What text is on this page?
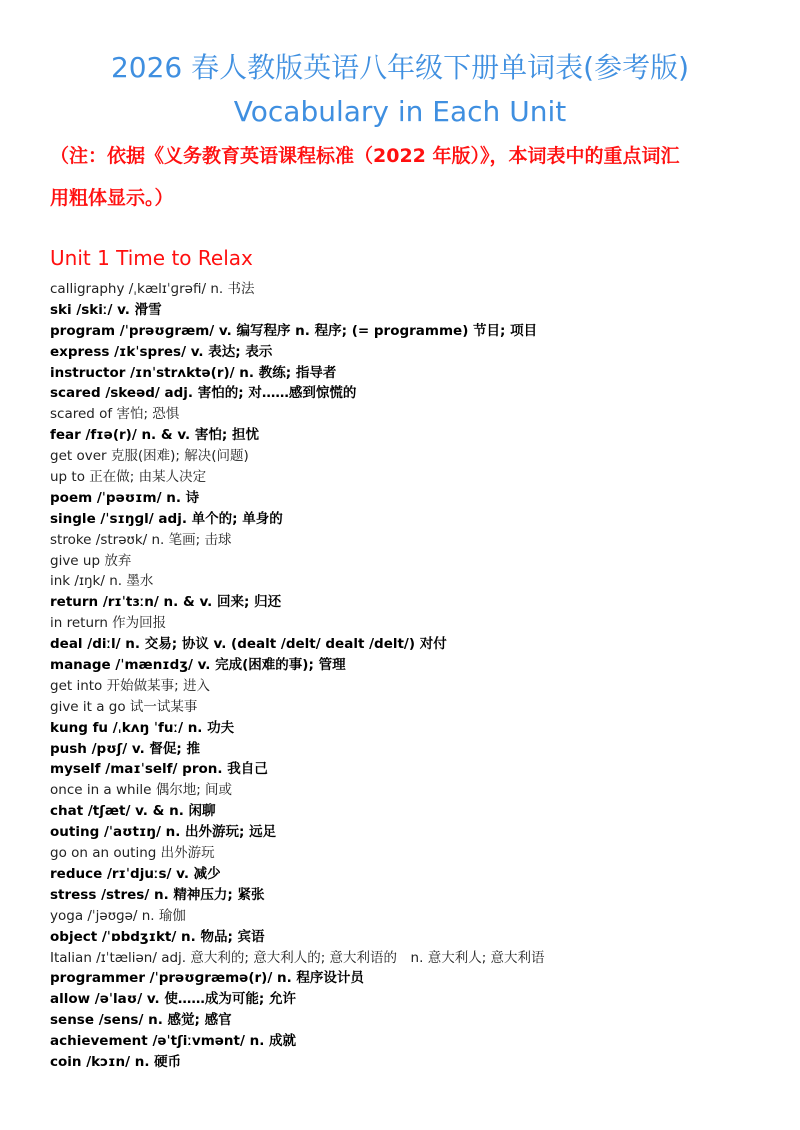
2026 春人教版英语八年级下册单词表(参考版)
Vocabulary in Each Unit
（注：依据《义务教育英语课程标准（2022 年版）》，本词表中的重点词汇
用粗体显示。）
Unit 1 Time to Relax
calligraphy /ˌkælɪˈɡrəfi/ n. 书法
ski /skiː/ v. 滑雪
program /ˈprəʊɡræm/ v. 编写程序 n. 程序; (= programme) 节目; 项目
express /ɪkˈspres/ v. 表达; 表示
instructor /ɪnˈstrʌktə(r)/ n. 教练; 指导者
scared /skeəd/ adj. 害怕的; 对……感到惊慌的
scared of 害怕; 恐惧
fear /fɪə(r)/ n. & v. 害怕; 担忧
get over 克服(困难); 解决(问题)
up to 正在做; 由某人决定
poem /ˈpəʊɪm/ n. 诗
single /ˈsɪŋɡl/ adj. 单个的; 单身的
stroke /strəʊk/ n. 笔画; 击球
give up 放弃
ink /ɪŋk/ n. 墨水
return /rɪˈtɜːn/ n. & v. 回来; 归还
in return 作为回报
deal /diːl/ n. 交易; 协议 v. (dealt /delt/ dealt /delt/) 对付
manage /ˈmænɪdʒ/ v. 完成(困难的事); 管理
get into 开始做某事; 进入
give it a go 试一试某事
kung fu /ˌkʌŋ ˈfuː/ n. 功夫
push /pʊʃ/ v. 督促; 推
myself /maɪˈself/ pron. 我自己
once in a while 偶尔地; 间或
chat /tʃæt/ v. & n. 闲聊
outing /ˈaʊtɪŋ/ n. 出外游玩; 远足
go on an outing 出外游玩
reduce /rɪˈdjuːs/ v. 减少
stress /stres/ n. 精神压力; 紧张
yoga /ˈjəʊɡə/ n. 瑜伽
object /ˈɒbdʒɪkt/ n. 物品; 宾语
Italian /ɪˈtæliən/ adj. 意大利的; 意大利人的; 意大利语的　n. 意大利人; 意大利语
programmer /ˈprəʊɡræmə(r)/ n. 程序设计员
allow /əˈlaʊ/ v. 使……成为可能; 允许
sense /sens/ n. 感觉; 感官
achievement /əˈtʃiːvmənt/ n. 成就
coin /kɔɪn/ n. 硬币
